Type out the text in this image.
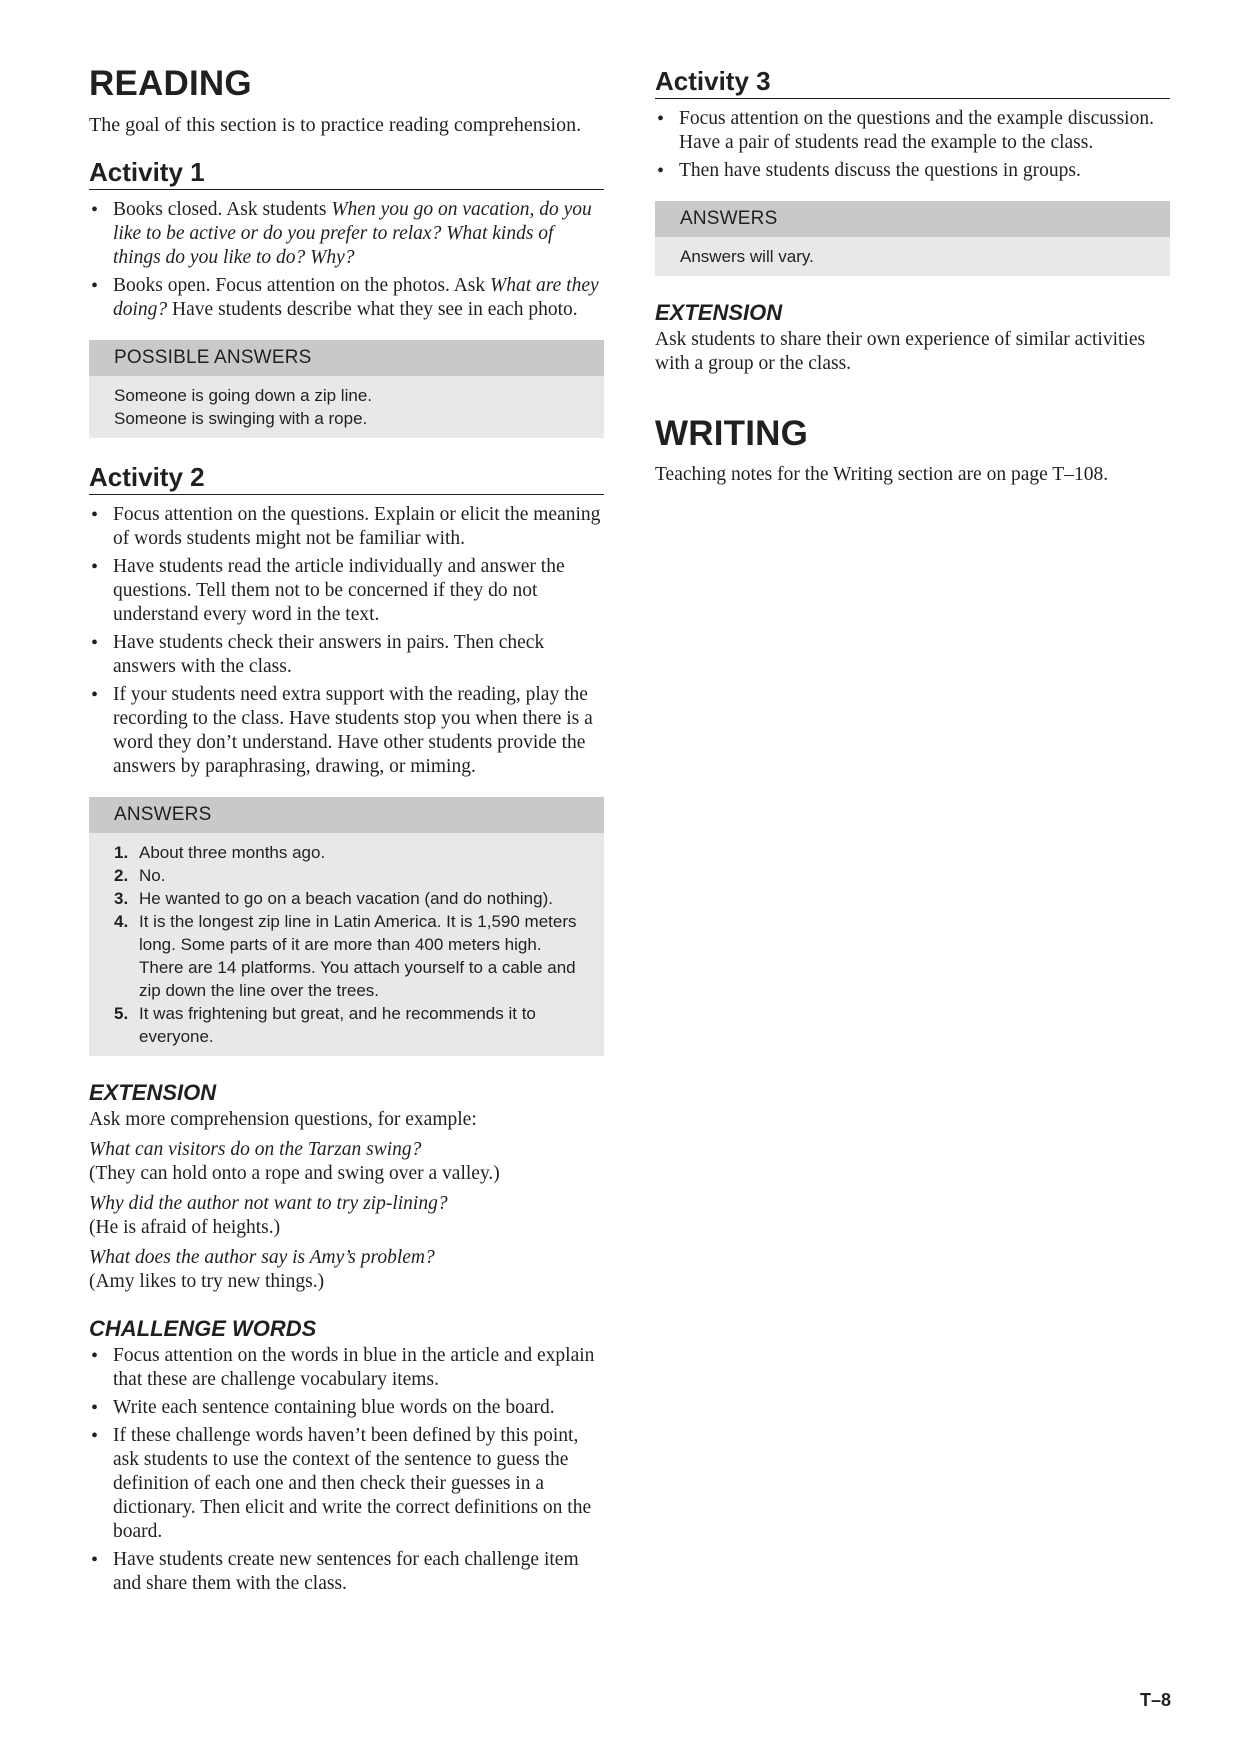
READING

The goal of this section is to practice reading comprehension.

Activity 1
• Books closed. Ask students When you go on vacation, do you like to be active or do you prefer to relax? What kinds of things do you like to do? Why?
• Books open. Focus attention on the photos. Ask What are they doing? Have students describe what they see in each photo.
POSSIBLE ANSWERS
Someone is going down a zip line.
Someone is swinging with a rope.
Activity 2
• Focus attention on the questions. Explain or elicit the meaning of words students might not be familiar with.
• Have students read the article individually and answer the questions. Tell them not to be concerned if they do not understand every word in the text.
• Have students check their answers in pairs. Then check answers with the class.
• If your students need extra support with the reading, play the recording to the class. Have students stop you when there is a word they don’t understand. Have other students provide the answers by paraphrasing, drawing, or miming.
ANSWERS
1. About three months ago.
2. No.
3. He wanted to go on a beach vacation (and do nothing).
4. It is the longest zip line in Latin America. It is 1,590 meters long. Some parts of it are more than 400 meters high. There are 14 platforms. You attach yourself to a cable and zip down the line over the trees.
5. It was frightening but great, and he recommends it to everyone.
EXTENSION

Ask more comprehension questions, for example:

What can visitors do on the Tarzan swing?

(They can hold onto a rope and swing over a valley.)

Why did the author not want to try zip-lining?

(He is afraid of heights.)

What does the author say is Amy’s problem?

(Amy likes to try new things.)

CHALLENGE WORDS
• Focus attention on the words in blue in the article and explain that these are challenge vocabulary items.
• Write each sentence containing blue words on the board.
• If these challenge words haven’t been defined by this point, ask students to use the context of the sentence to guess the definition of each one and then check their guesses in a dictionary. Then elicit and write the correct definitions on the board.
• Have students create new sentences for each challenge item and share them with the class.
Activity 3
• Focus attention on the questions and the example discussion. Have a pair of students read the example to the class.
• Then have students discuss the questions in groups.
ANSWERS
Answers will vary.
EXTENSION

Ask students to share their own experience of similar activities with a group or the class.

WRITING

Teaching notes for the Writing section are on page T–108.

T–8
